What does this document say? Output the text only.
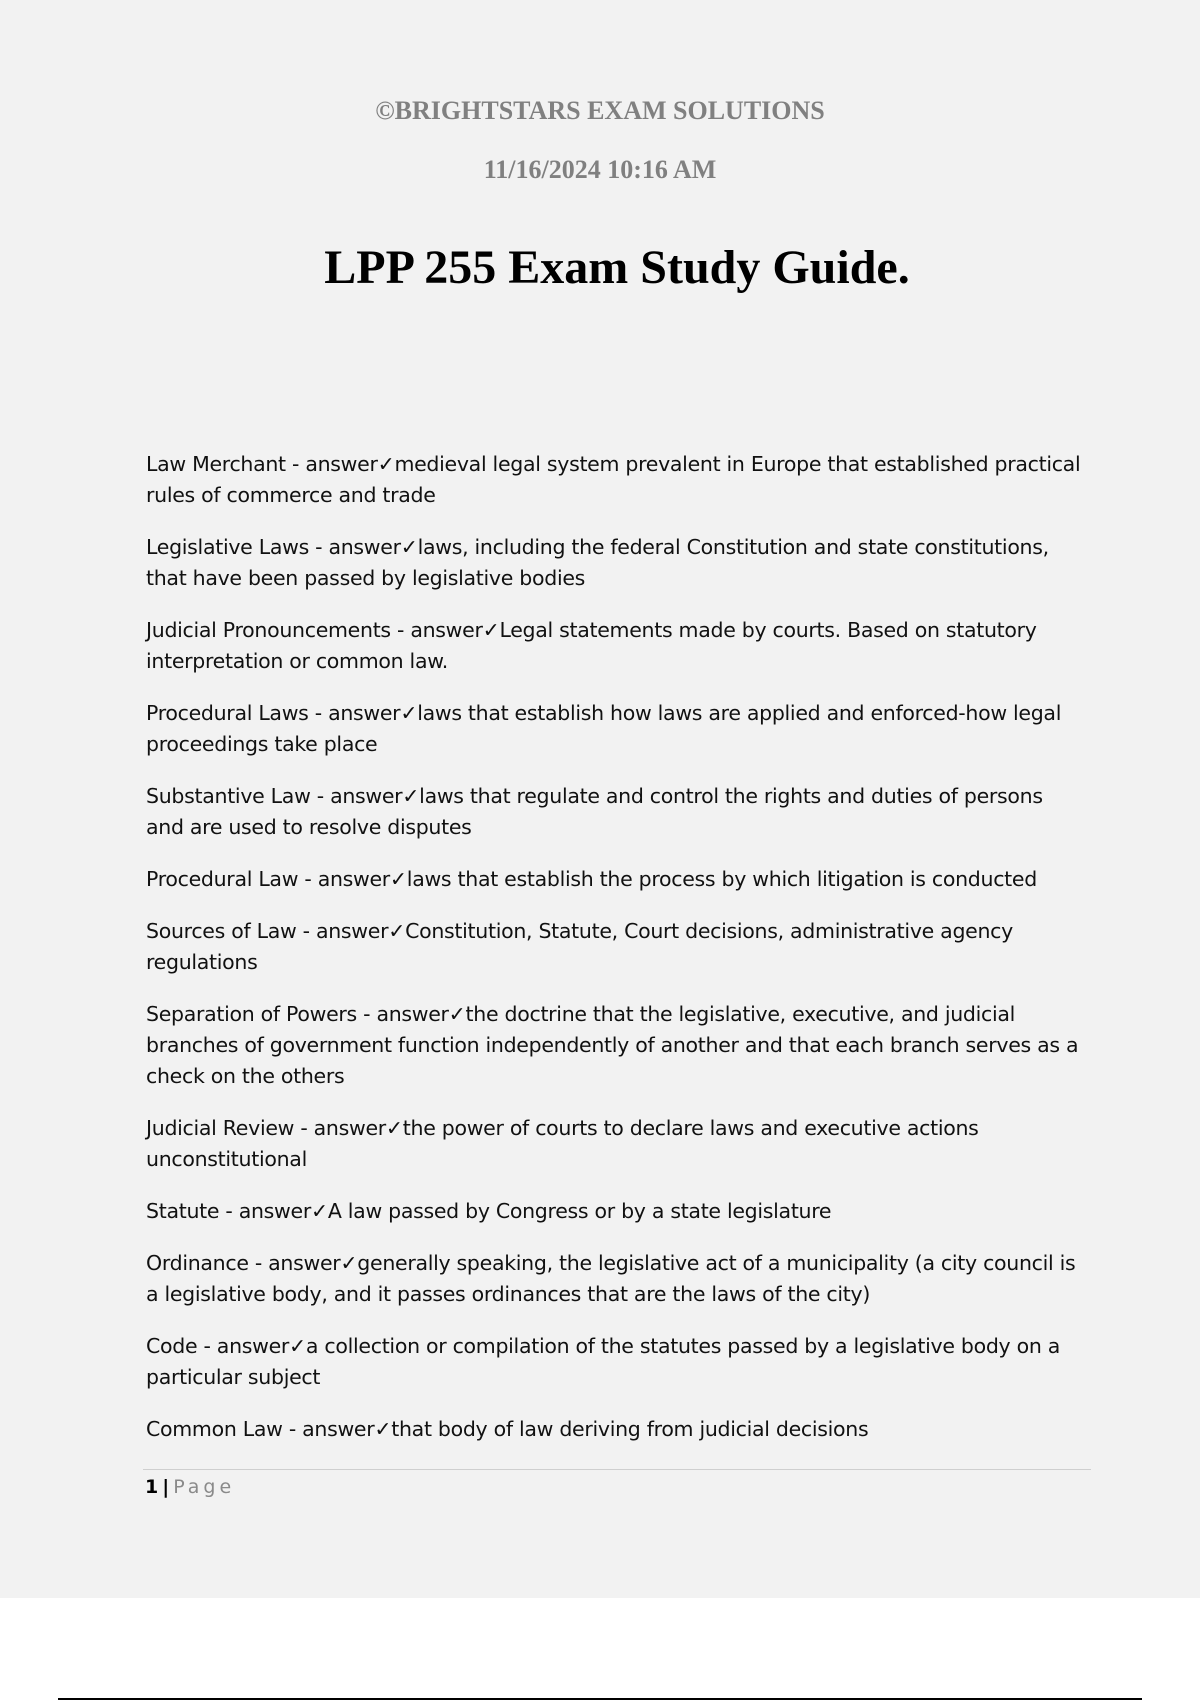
©BRIGHTSTARS EXAM SOLUTIONS
11/16/2024 10:16 AM
LPP 255 Exam Study Guide.

Law Merchant - answer✓medieval legal system prevalent in Europe that established practical rules of commerce and trade

Legislative Laws - answer✓laws, including the federal Constitution and state constitutions, that have been passed by legislative bodies

Judicial Pronouncements - answer✓Legal statements made by courts. Based on statutory interpretation or common law.

Procedural Laws - answer✓laws that establish how laws are applied and enforced-how legal proceedings take place

Substantive Law - answer✓laws that regulate and control the rights and duties of persons and are used to resolve disputes

Procedural Law - answer✓laws that establish the process by which litigation is conducted

Sources of Law - answer✓Constitution, Statute, Court decisions, administrative agency regulations

Separation of Powers - answer✓the doctrine that the legislative, executive, and judicial branches of government function independently of another and that each branch serves as a check on the others

Judicial Review - answer✓the power of courts to declare laws and executive actions unconstitutional

Statute - answer✓A law passed by Congress or by a state legislature

Ordinance - answer✓generally speaking, the legislative act of a municipality (a city council is a legislative body, and it passes ordinances that are the laws of the city)

Code - answer✓a collection or compilation of the statutes passed by a legislative body on a particular subject

Common Law - answer✓that body of law deriving from judicial decisions

1 | Page
